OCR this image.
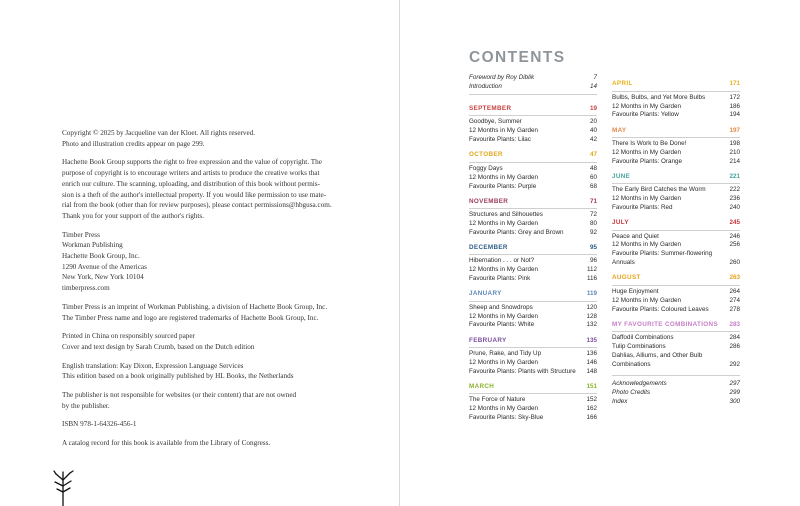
Copyright © 2025 by Jacqueline van der Kloet. All rights reserved.
Photo and illustration credits appear on page 299.
Hachette Book Group supports the right to free expression and the value of copyright. The
purpose of copyright is to encourage writers and artists to produce the creative works that
enrich our culture. The scanning, uploading, and distribution of this book without permis-
sion is a theft of the author's intellectual property. If you would like permission to use mate-
rial from the book (other than for review purposes), please contact permissions@hbgusa.com.
Thank you for your support of the author's rights.
Timber Press
Workman Publishing
Hachette Book Group, Inc.
1290 Avenue of the Americas
New York, New York 10104
timberpress.com
Timber Press is an imprint of Workman Publishing, a division of Hachette Book Group, Inc.
The Timber Press name and logo are registered trademarks of Hachette Book Group, Inc.
Printed in China on responsibly sourced paper
Cover and text design by Sarah Crumb, based on the Dutch edition
English translation: Kay Dixon, Expression Language Services
This edition based on a book originally published by HL Books, the Netherlands
The publisher is not responsible for websites (or their content) that are not owned
by the publisher.
ISBN 978-1-64326-456-1
A catalog record for this book is available from the Library of Congress.
CONTENTS
Foreword by Roy Diblik	7
Introduction	14
SEPTEMBER	19
Goodbye, Summer	20
12 Months in My Garden	40
Favourite Plants: Lilac	42
OCTOBER	47
Foggy Days	48
12 Months in My Garden	60
Favourite Plants: Purple	68
NOVEMBER	71
Structures and Silhouettes	72
12 Months in My Garden	80
Favourite Plants: Grey and Brown	92
DECEMBER	95
Hibernation . . . or Not?	96
12 Months in My Garden	112
Favourite Plants: Pink	116
JANUARY	119
Sheep and Snowdrops	120
12 Months in My Garden	128
Favourite Plants: White	132
FEBRUARY	135
Prune, Rake, and Tidy Up	136
12 Months in My Garden	146
Favourite Plants: Plants with Structure	148
MARCH	151
The Force of Nature	152
12 Months in My Garden	162
Favourite Plants: Sky-Blue	166
APRIL	171
Bulbs, Bulbs, and Yet More Bulbs	172
12 Months in My Garden	186
Favourite Plants: Yellow	194
MAY	197
There Is Work to Be Done!	198
12 Months in My Garden	210
Favourite Plants: Orange	214
JUNE	221
The Early Bird Catches the Worm	222
12 Months in My Garden	236
Favourite Plants: Red	240
JULY	245
Peace and Quiet	246
12 Months in My Garden	256
Favourite Plants: Summer-flowering Annuals	260
AUGUST	263
Huge Enjoyment	264
12 Months in My Garden	274
Favourite Plants: Coloured Leaves	278
MY FAVOURITE COMBINATIONS 283
Daffodil Combinations	284
Tulip Combinations	286
Dahlias, Alliums, and Other Bulb Combinations	292
Acknowledgements	297
Photo Credits	299
Index	300
